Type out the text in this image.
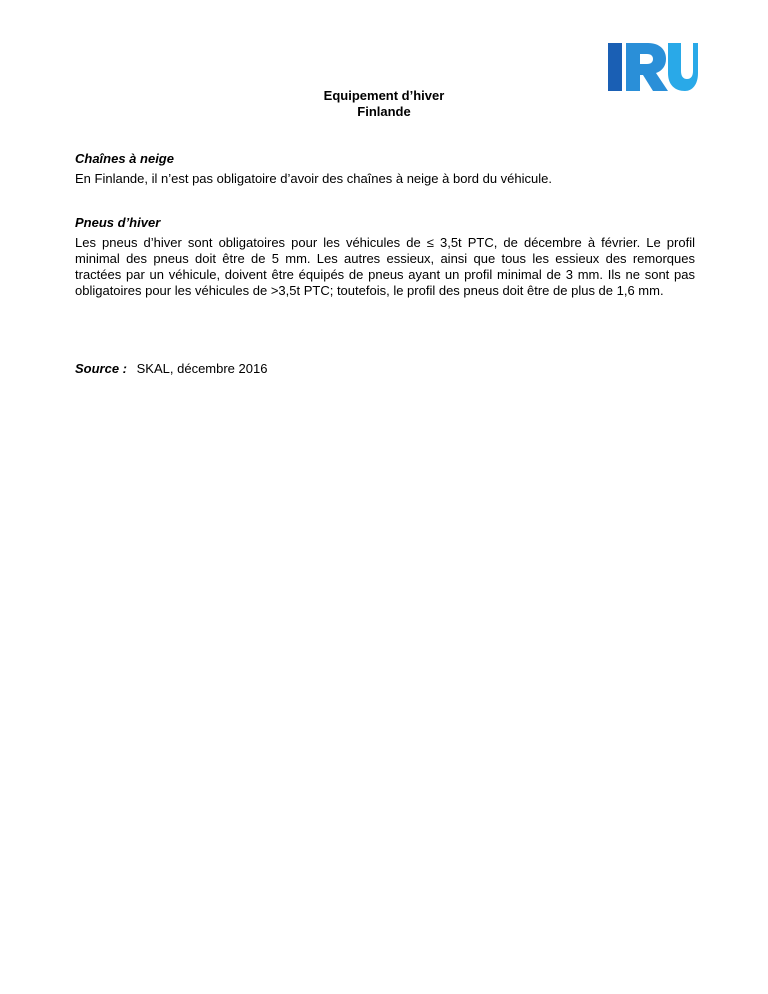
Equipement d’hiver
Finlande

Chaînes à neige

En Finlande, il n’est pas obligatoire d’avoir des chaînes à neige à bord du véhicule.

Pneus d’hiver

Les pneus d’hiver sont obligatoires pour les véhicules de ≤ 3,5t PTC, de décembre à février. Le profil minimal des pneus doit être de 5 mm. Les autres essieux, ainsi que tous les essieux des remorques tractées par un véhicule, doivent être équipés de pneus ayant un profil minimal de 3 mm. Ils ne sont pas obligatoires pour les véhicules de >3,5t PTC; toutefois, le profil des pneus doit être de plus de 1,6 mm.

Source : SKAL, décembre 2016
